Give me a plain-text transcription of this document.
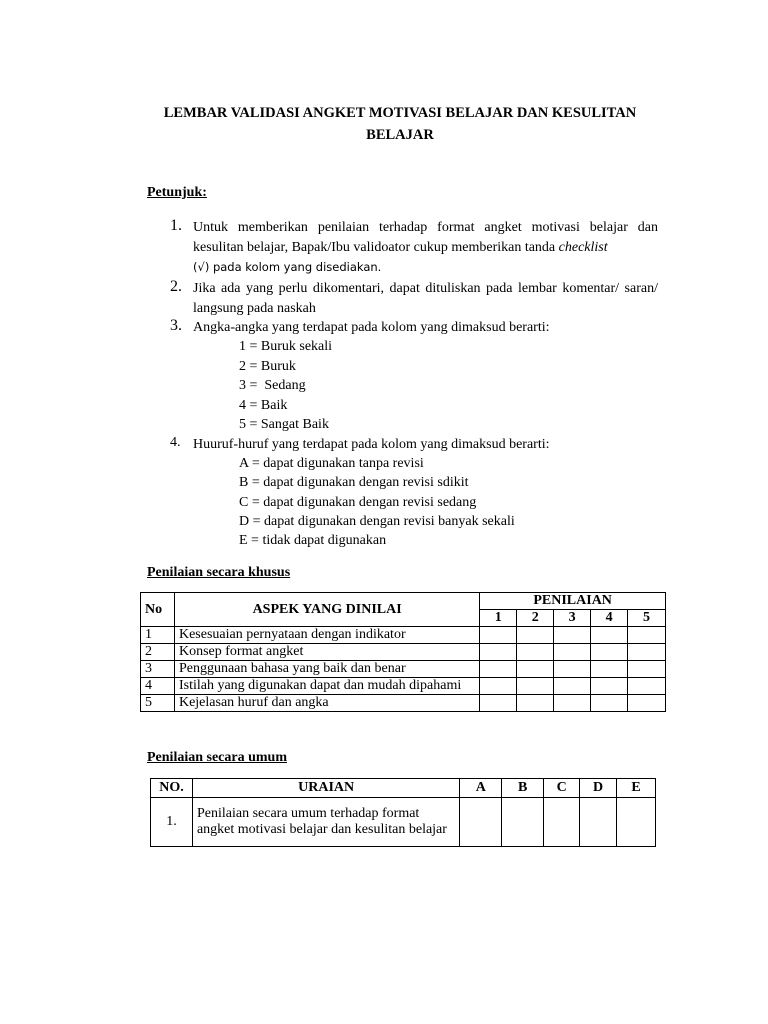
LEMBAR VALIDASI ANGKET MOTIVASI BELAJAR DAN KESULITAN
BELAJAR
Petunjuk:
1. Untuk memberikan penilaian terhadap format angket motivasi belajar dan kesulitan belajar, Bapak/Ibu validoator cukup memberikan tanda checklist
(√) pada kolom yang disediakan.
2. Jika ada yang perlu dikomentari, dapat dituliskan pada lembar komentar/ saran/ langsung pada naskah
3. Angka-angka yang terdapat pada kolom yang dimaksud berarti:
1 = Buruk sekali
2 = Buruk
3 =  Sedang
4 = Baik
5 = Sangat Baik
4. Huuruf-huruf yang terdapat pada kolom yang dimaksud berarti:
A = dapat digunakan tanpa revisi
B = dapat digunakan dengan revisi sdikit
C = dapat digunakan dengan revisi sedang
D = dapat digunakan dengan revisi banyak sekali
E = tidak dapat digunakan
Penilaian secara khusus
No	ASPEK YANG DINILAI	PENILAIAN				
		1	2	3	4	5
1	Kesesuaian pernyataan dengan indikator					
2	Konsep format angket					
3	Penggunaan bahasa yang baik dan benar					
4	Istilah yang digunakan dapat dan mudah dipahami					
5	Kejelasan huruf dan angka					
Penilaian secara umum
NO.	URAIAN	A	B	C	D	E
1.	Penilaian secara umum terhadap format angket motivasi belajar dan kesulitan belajar					
